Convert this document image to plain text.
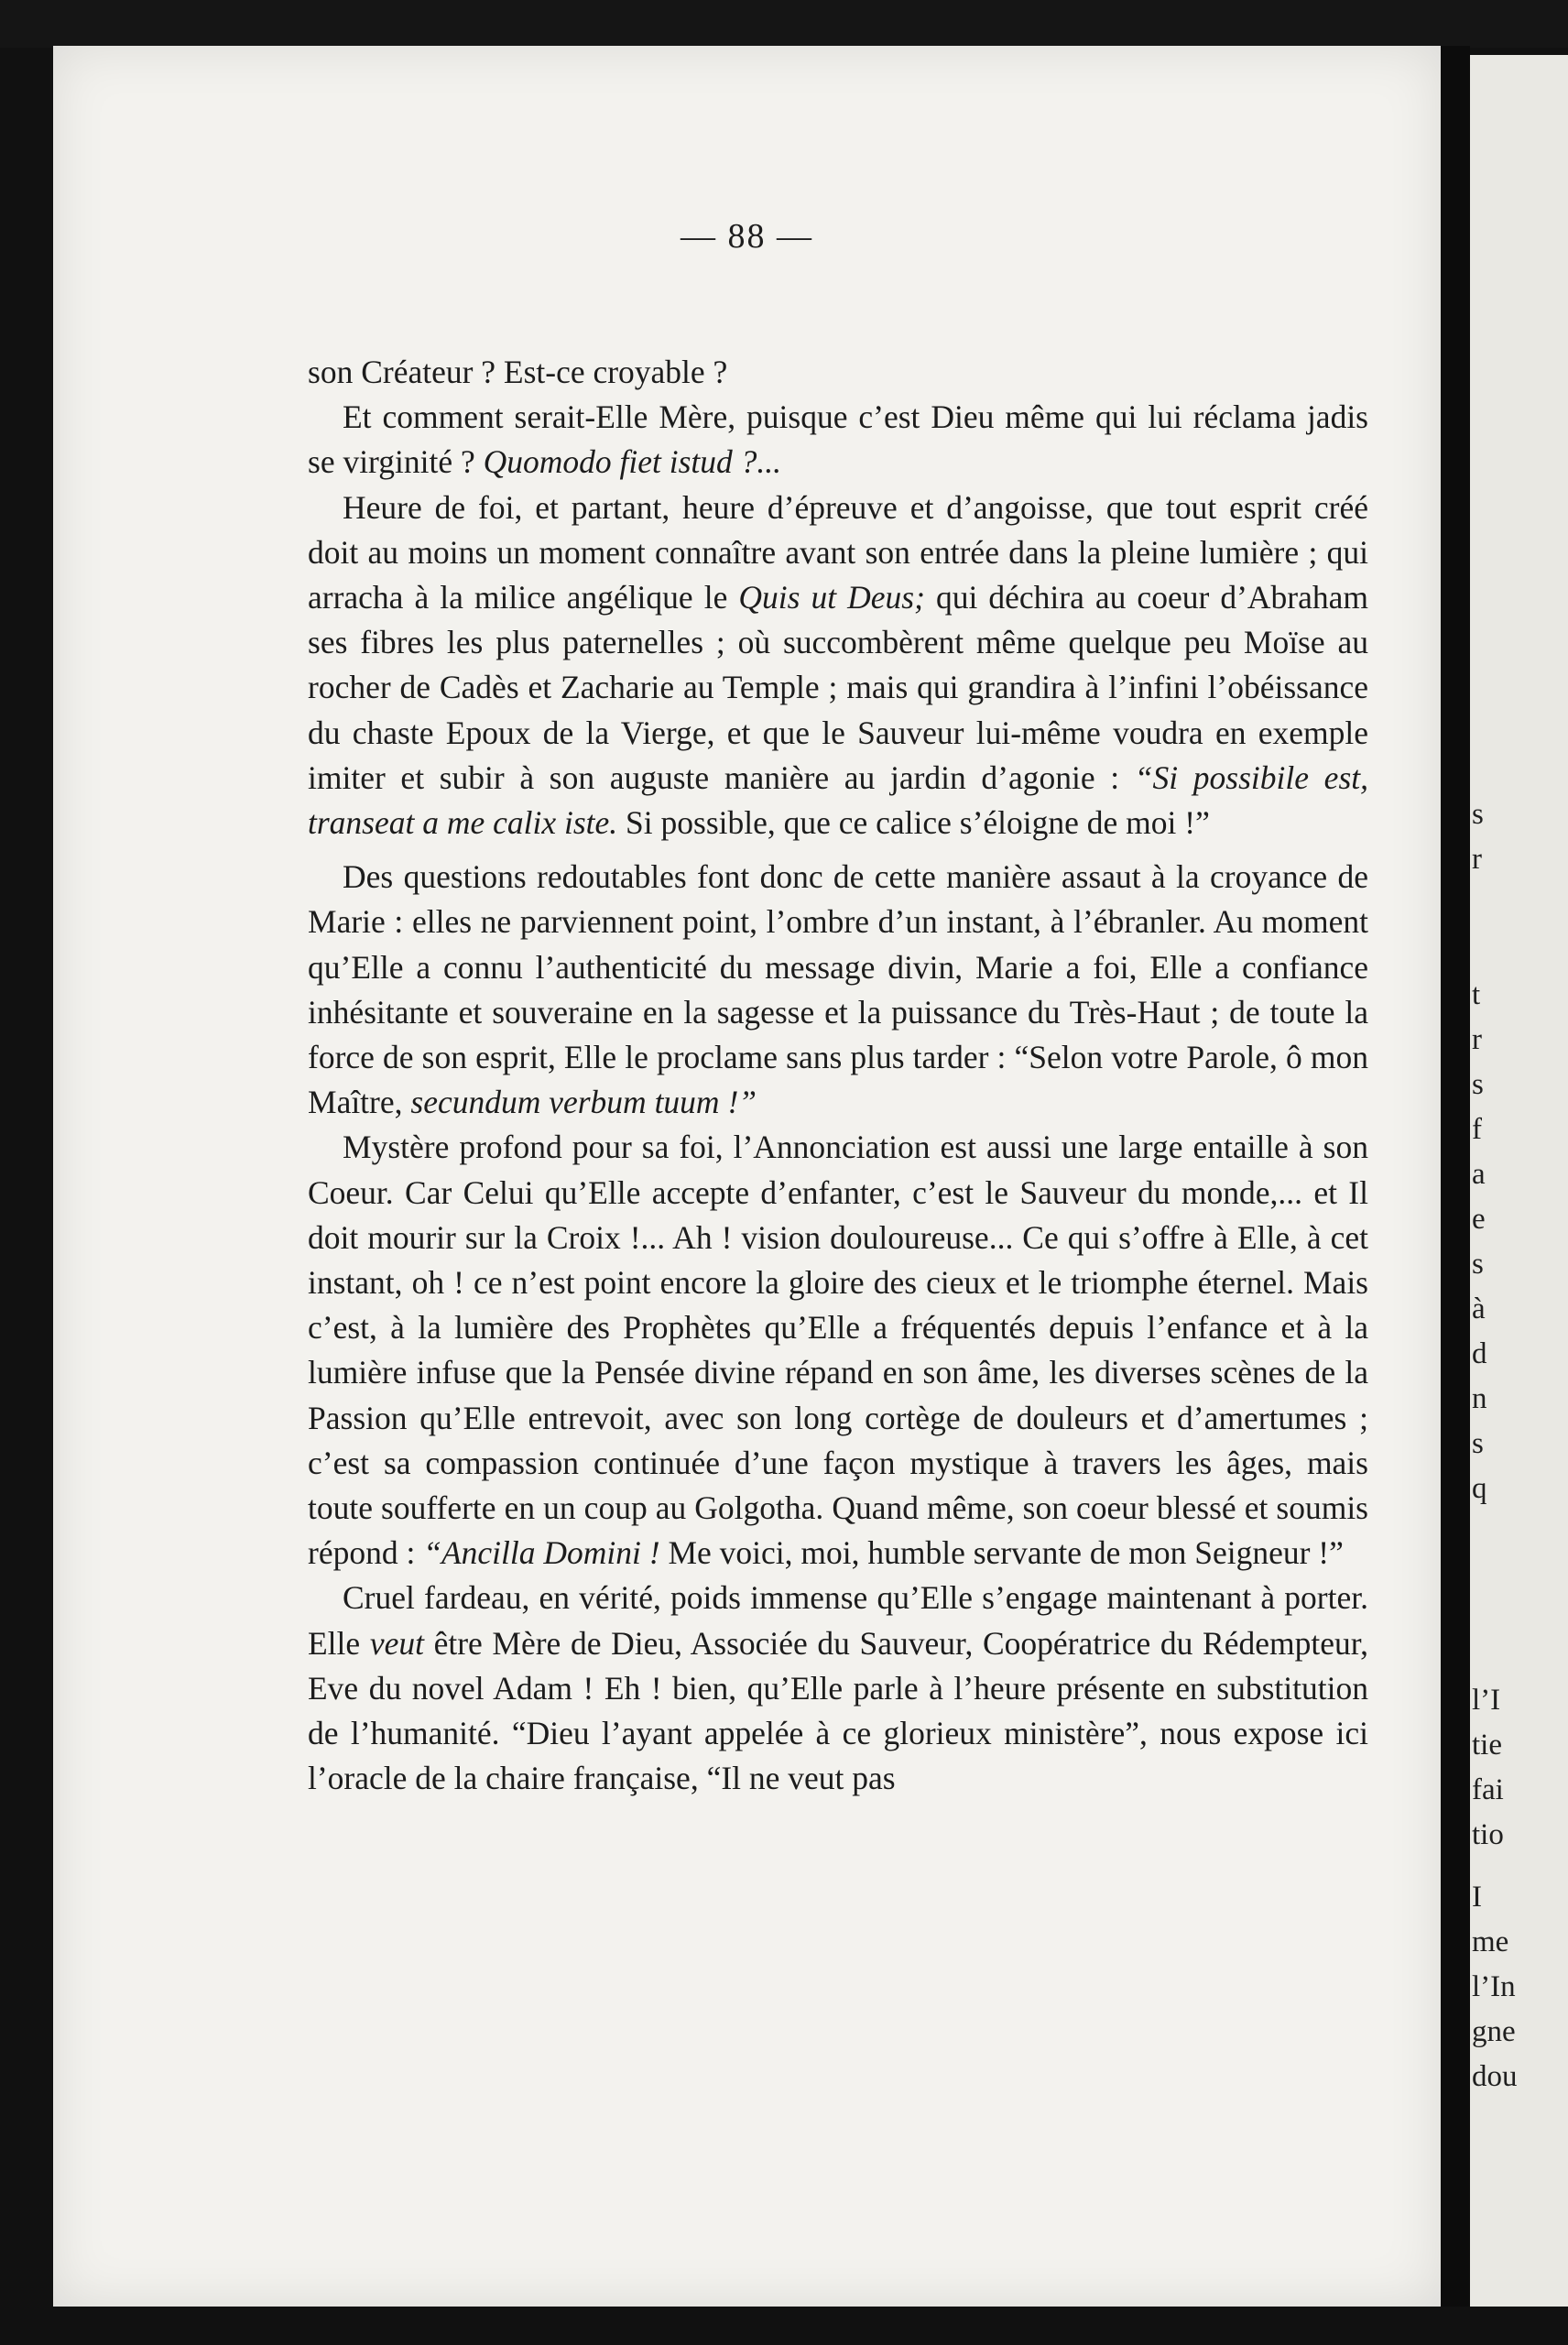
— 88 —

son Créateur ? Est-ce croyable ?

Et comment serait-Elle Mère, puisque c’est Dieu même qui lui réclama jadis se virginité ? Quomodo fiet istud ?...

Heure de foi, et partant, heure d’épreuve et d’angoisse, que tout esprit créé doit au moins un moment connaître avant son entrée dans la pleine lumière ; qui arracha à la milice angélique le Quis ut Deus; qui déchira au coeur d’Abraham ses fibres les plus paternelles ; où succombèrent même quelque peu Moïse au rocher de Cadès et Zacharie au Temple ; mais qui grandira à l’infini l’obéissance du chaste Epoux de la Vierge, et que le Sauveur lui-même voudra en exemple imiter et subir à son auguste manière au jardin d’agonie : “Si possibile est, transeat a me calix iste. Si possible, que ce calice s’éloigne de moi !”

Des questions redoutables font donc de cette manière assaut à la croyance de Marie : elles ne parviennent point, l’ombre d’un instant, à l’ébranler. Au moment qu’Elle a connu l’authenticité du message divin, Marie a foi, Elle a confiance inhésitante et souveraine en la sagesse et la puissance du Très-Haut ; de toute la force de son esprit, Elle le proclame sans plus tarder : “Selon votre Parole, ô mon Maître, secundum verbum tuum !”

Mystère profond pour sa foi, l’Annonciation est aussi une large entaille à son Coeur. Car Celui qu’Elle accepte d’enfanter, c’est le Sauveur du monde,... et Il doit mourir sur la Croix !... Ah ! vision douloureuse... Ce qui s’offre à Elle, à cet instant, oh ! ce n’est point encore la gloire des cieux et le triomphe éternel. Mais c’est, à la lumière des Prophètes qu’Elle a fréquentés depuis l’enfance et à la lumière infuse que la Pensée divine répand en son âme, les diverses scènes de la Passion qu’Elle entrevoit, avec son long cortège de douleurs et d’amertumes ; c’est sa compassion continuée d’une façon mystique à travers les âges, mais toute soufferte en un coup au Golgotha. Quand même, son coeur blessé et soumis répond : “Ancilla Domini ! Me voici, moi, humble servante de mon Seigneur !”

Cruel fardeau, en vérité, poids immense qu’Elle s’engage maintenant à porter. Elle veut être Mère de Dieu, Associée du Sauveur, Coopératrice du Rédempteur, Eve du novel Adam ! Eh ! bien, qu’Elle parle à l’heure présente en substitution de l’humanité. “Dieu l’ayant appelée à ce glorieux ministère”, nous expose ici l’oracle de la chaire française, “Il ne veut pas

s
r
t
r
s
f
a
e
s
à
d
n
s
q
l’I
tie
fai
tio
I
me
l’In
gne
dou
